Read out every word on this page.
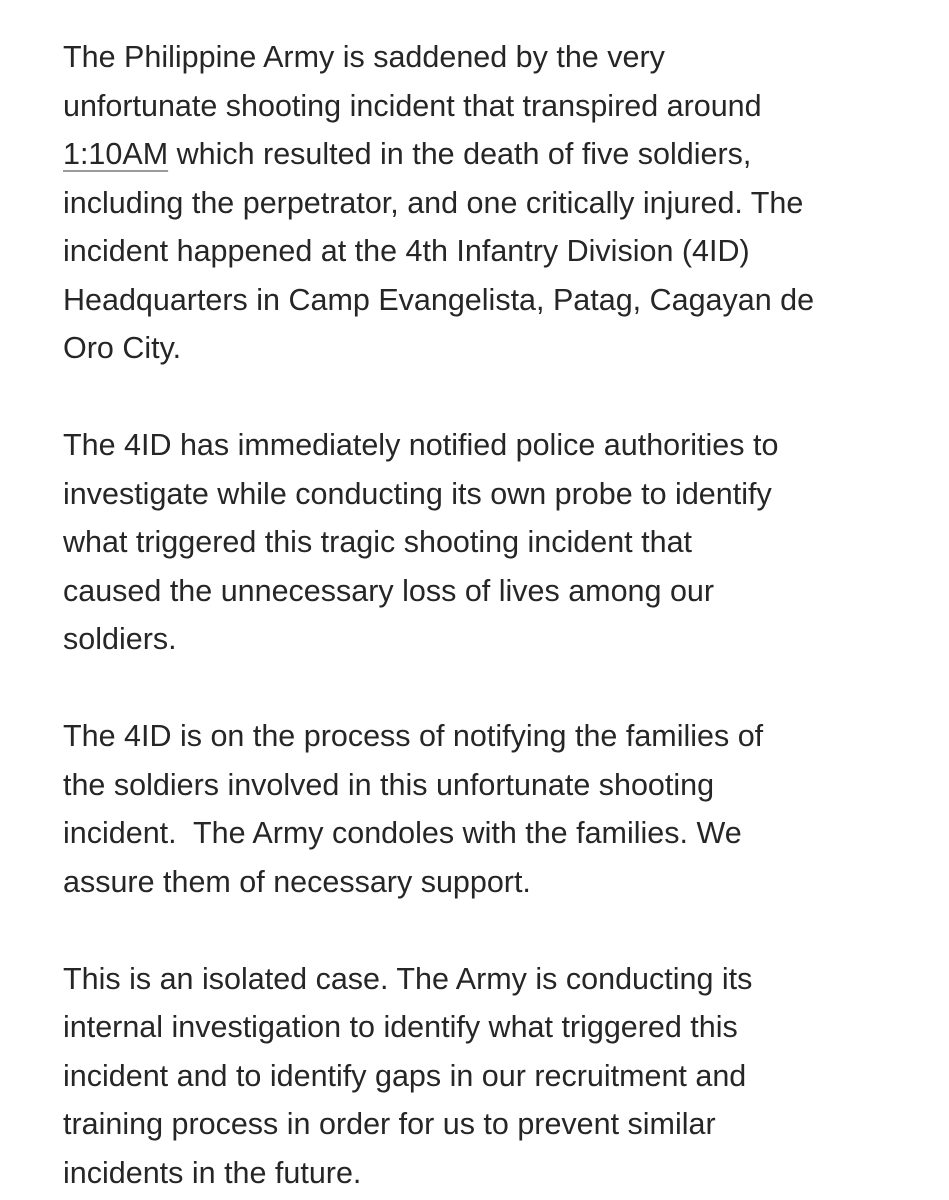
The Philippine Army is saddened by the very
unfortunate shooting incident that transpired around
1:10AM which resulted in the death of five soldiers,
including the perpetrator, and one critically injured. The
incident happened at the 4th Infantry Division (4ID)
Headquarters in Camp Evangelista, Patag, Cagayan de
Oro City.

The 4ID has immediately notified police authorities to
investigate while conducting its own probe to identify
what triggered this tragic shooting incident that
caused the unnecessary loss of lives among our
soldiers.

The 4ID is on the process of notifying the families of
the soldiers involved in this unfortunate shooting
incident.  The Army condoles with the families. We
assure them of necessary support.

This is an isolated case. The Army is conducting its
internal investigation to identify what triggered this
incident and to identify gaps in our recruitment and
training process in order for us to prevent similar
incidents in the future.
